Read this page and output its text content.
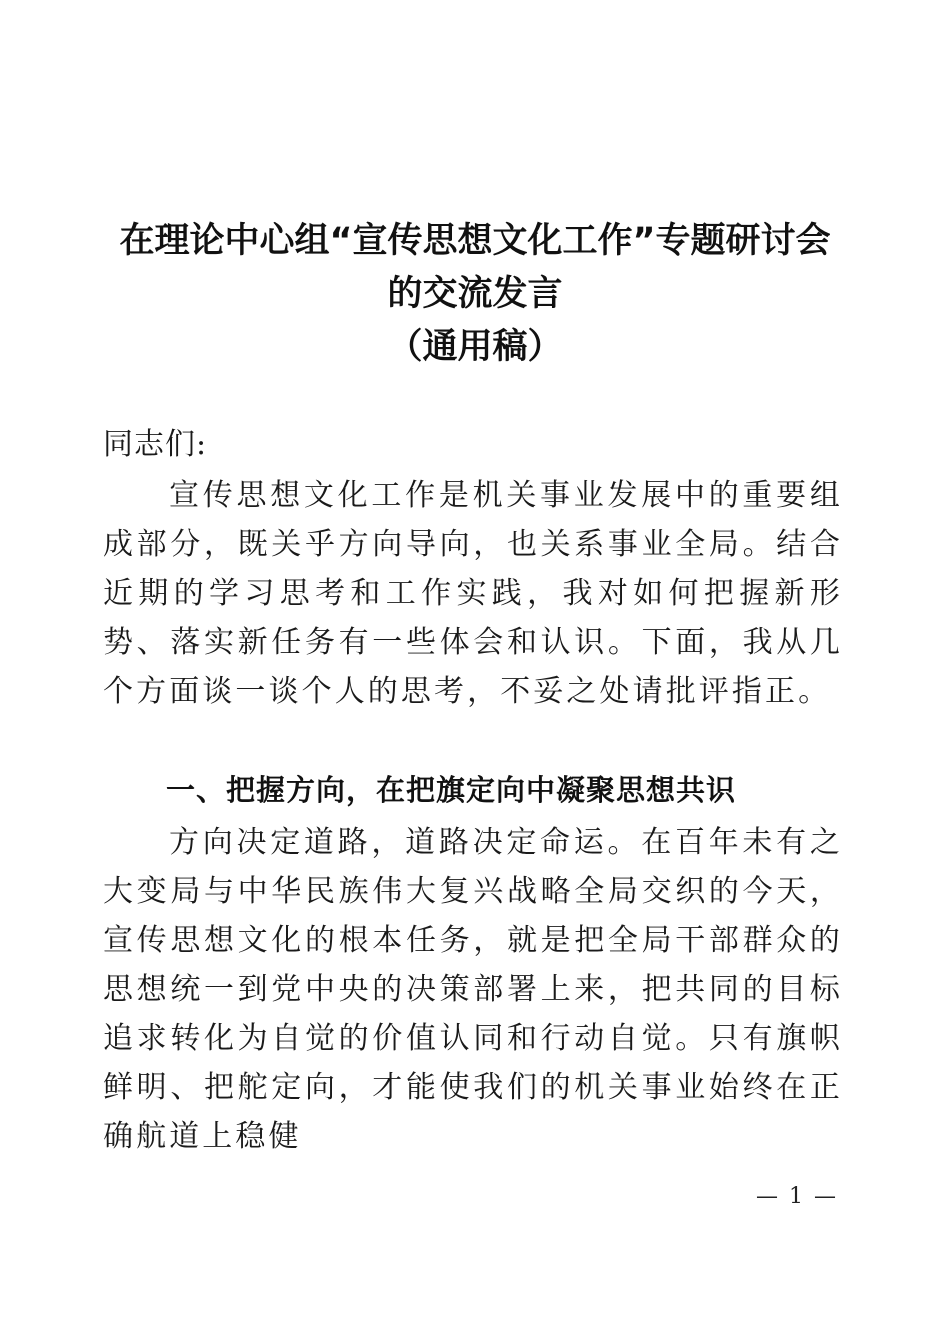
在理论中心组“宣传思想文化工作”专题研讨会
的交流发言
（通用稿）
同志们:

宣传思想文化工作是机关事业发展中的重要组成部分，既关乎方向导向，也关系事业全局。结合近期的学习思考和工作实践，我对如何把握新形势、落实新任务有一些体会和认识。下面，我从几个方面谈一谈个人的思考，不妥之处请批评指正。

一、把握方向，在把旗定向中凝聚思想共识

方向决定道路，道路决定命运。在百年未有之大变局与中华民族伟大复兴战略全局交织的今天，宣传思想文化的根本任务，就是把全局干部群众的思想统一到党中央的决策部署上来，把共同的目标追求转化为自觉的价值认同和行动自觉。只有旗帜鲜明、把舵定向，才能使我们的机关事业始终在正确航道上稳健

— 1 —
